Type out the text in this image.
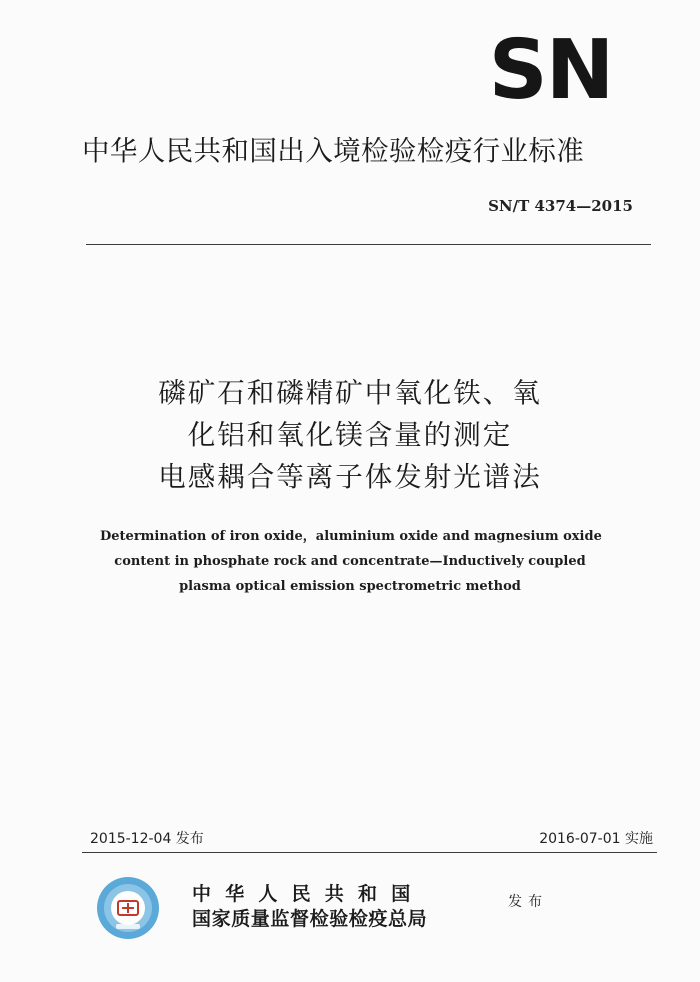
SN
中华人民共和国出入境检验检疫行业标准
SN/T 4374—2015
磷矿石和磷精矿中氧化铁、氧
化铝和氧化镁含量的测定
电感耦合等离子体发射光谱法
Determination of iron oxide，aluminium oxide and magnesium oxide
content in phosphate rock and concentrate—Inductively coupled
plasma optical emission spectrometric method
2015-12-04 发布	2016-07-01 实施
中华人民共和国
国家质量监督检验检疫总局
发布
